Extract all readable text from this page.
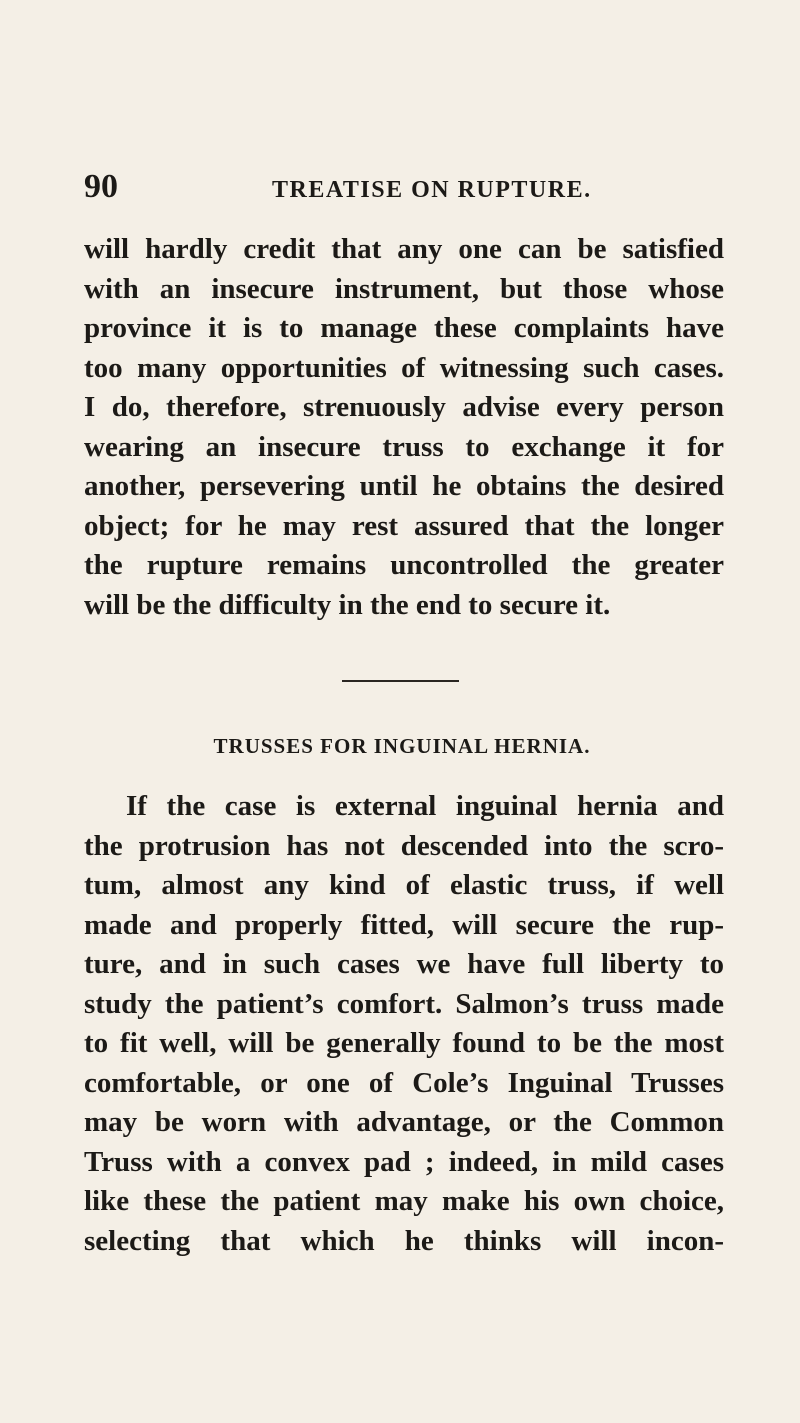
90	TREATISE ON RUPTURE.
will hardly credit that any one can be satisfied
with an insecure instrument, but those whose
province it is to manage these complaints have
too many opportunities of witnessing such cases.
I do, therefore, strenuously advise every person
wearing an insecure truss to exchange it for
another, persevering until he obtains the desired
object; for he may rest assured that the longer
the rupture remains uncontrolled the greater
will be the difficulty in the end to secure it.
TRUSSES FOR INGUINAL HERNIA.
If the case is external inguinal hernia and
the protrusion has not descended into the scro-
tum, almost any kind of elastic truss, if well
made and properly fitted, will secure the rup-
ture, and in such cases we have full liberty to
study the patient’s comfort. Salmon’s truss made
to fit well, will be generally found to be the most
comfortable, or one of Cole’s Inguinal Trusses
may be worn with advantage, or the Common
Truss with a convex pad ; indeed, in mild cases
like these the patient may make his own choice,
selecting that which he thinks will incon-
